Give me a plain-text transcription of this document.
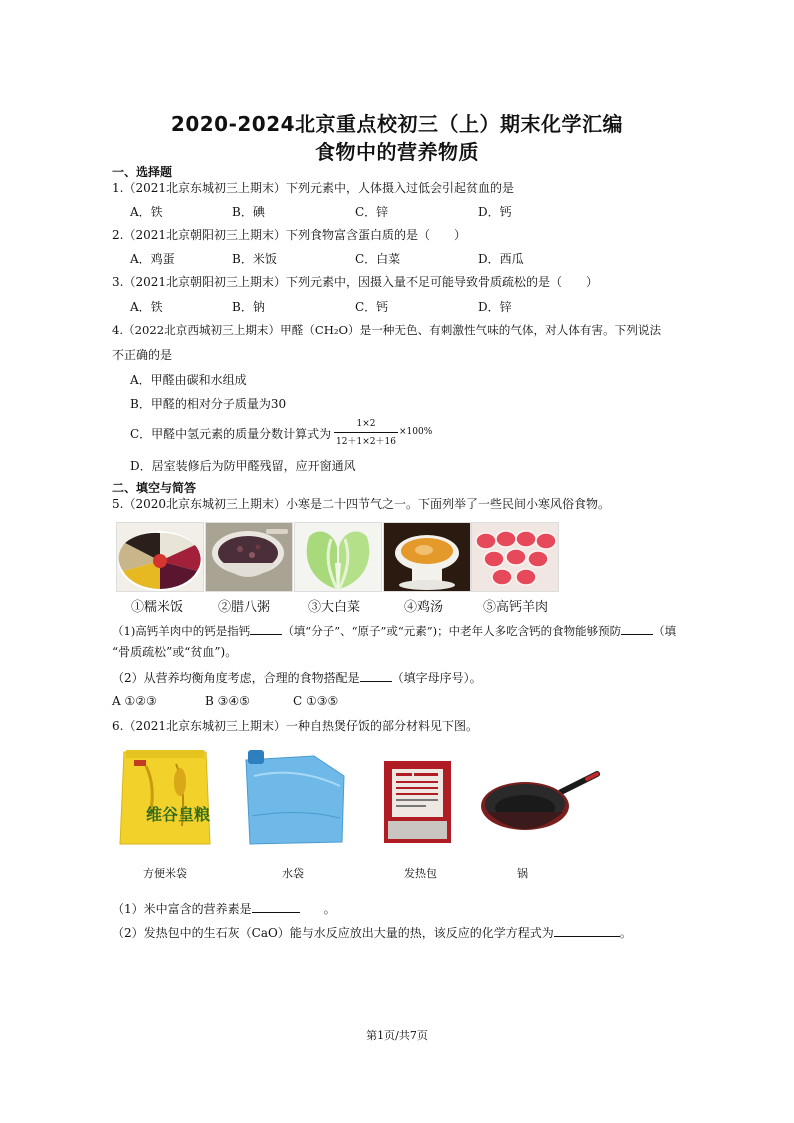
2020-2024北京重点校初三（上）期末化学汇编
食物中的营养物质
一、选择题
1.（2021北京东城初三上期末）下列元素中，人体摄入过低会引起贫血的是
A．铁	B．碘	C．锌	D．钙
2.（2021北京朝阳初三上期末）下列食物富含蛋白质的是（　　）
A．鸡蛋	B．米饭	C．白菜	D．西瓜
3.（2021北京朝阳初三上期末）下列元素中，因摄入量不足可能导致骨质疏松的是（　　）
A．铁	B．钠	C．钙	D．锌
4.（2022北京西城初三上期末）甲醛（CH₂O）是一种无色、有刺激性气味的气体，对人体有害。下列说法
不正确的是
A．甲醛由碳和水组成
B．甲醛的相对分子质量为30
C．甲醛中氢元素的质量分数计算式为
1×2
12＋1×2＋16
×100%
D．居室装修后为防甲醛残留，应开窗通风
二、填空与简答
5.（2020北京东城初三上期末）小寒是二十四节气之一。下面列举了一些民间小寒风俗食物。
①糯米饭	②腊八粥	③大白菜	④鸡汤	⑤高钙羊肉
（1)高钙羊肉中的钙是指钙	（填“分子”、“原子”或“元素”)；中老年人多吃含钙的食物能够预防	（填
“骨质疏松”或“贫血”)。
（2）从营养均衡角度考虑，合理的食物搭配是	（填字母序号）。
A ①②③	B ③④⑤	C ①③⑤
6.（2021北京东城初三上期末）一种自热煲仔饭的部分材料见下图。
维谷皇粮
方便米袋	水袋	发热包	锅
（1）米中富含的营养素是	。
（2）发热包中的生石灰（CaO）能与水反应放出大量的热，该反应的化学方程式为	。
第1页/共7页
